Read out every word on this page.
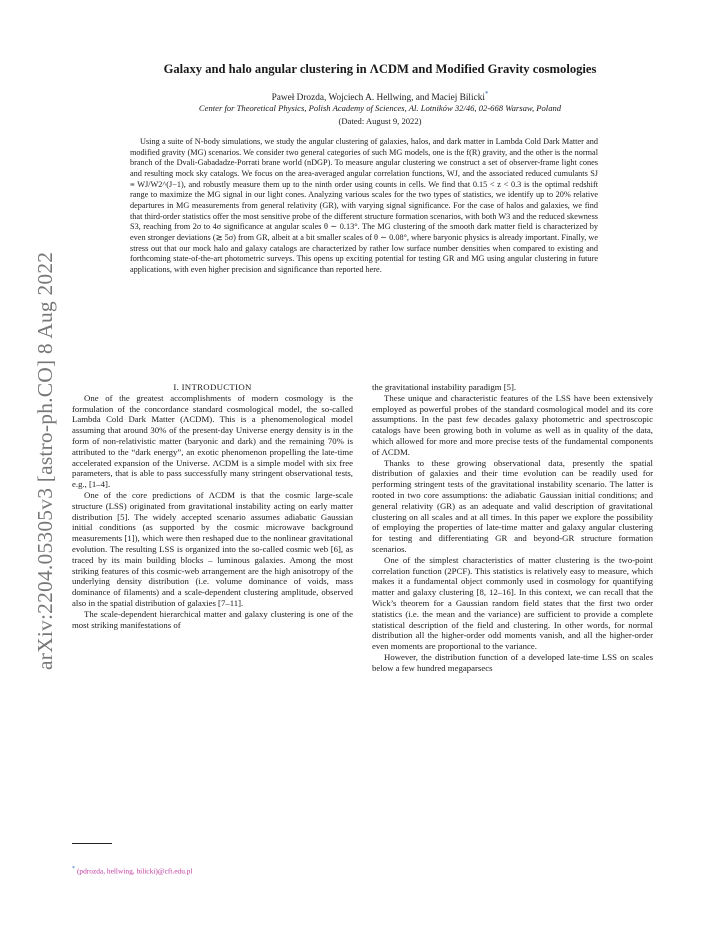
arXiv:2204.05305v3 [astro-ph.CO] 8 Aug 2022
Galaxy and halo angular clustering in ΛCDM and Modified Gravity cosmologies
Paweł Drozda, Wojciech A. Hellwing, and Maciej Bilicki*
Center for Theoretical Physics, Polish Academy of Sciences, Al. Lotników 32/46, 02-668 Warsaw, Poland
(Dated: August 9, 2022)
Using a suite of N-body simulations, we study the angular clustering of galaxies, halos, and dark matter in Lambda Cold Dark Matter and modified gravity (MG) scenarios. We consider two general categories of such MG models, one is the f(R) gravity, and the other is the normal branch of the Dvali-Gabadadze-Porrati brane world (nDGP). To measure angular clustering we construct a set of observer-frame light cones and resulting mock sky catalogs. We focus on the area-averaged angular correlation functions, WJ, and the associated reduced cumulants SJ ≡ WJ/W2^(J−1), and robustly measure them up to the ninth order using counts in cells. We find that 0.15 < z < 0.3 is the optimal redshift range to maximize the MG signal in our light cones. Analyzing various scales for the two types of statistics, we identify up to 20% relative departures in MG measurements from general relativity (GR), with varying signal significance. For the case of halos and galaxies, we find that third-order statistics offer the most sensitive probe of the different structure formation scenarios, with both W3 and the reduced skewness S3, reaching from 2σ to 4σ significance at angular scales θ ∼ 0.13°. The MG clustering of the smooth dark matter field is characterized by even stronger deviations (≳ 5σ) from GR, albeit at a bit smaller scales of θ ∼ 0.08°, where baryonic physics is already important. Finally, we stress out that our mock halo and galaxy catalogs are characterized by rather low surface number densities when compared to existing and forthcoming state-of-the-art photometric surveys. This opens up exciting potential for testing GR and MG using angular clustering in future applications, with even higher precision and significance than reported here.

I. INTRODUCTION

One of the greatest accomplishments of modern cosmology is the formulation of the concordance standard cosmological model, the so-called Lambda Cold Dark Matter (ΛCDM). This is a phenomenological model assuming that around 30% of the present-day Universe energy density is in the form of non-relativistic matter (baryonic and dark) and the remaining 70% is attributed to the “dark energy”, an exotic phenomenon propelling the late-time accelerated expansion of the Universe. ΛCDM is a simple model with six free parameters, that is able to pass successfully many stringent observational tests, e.g., [1–4].

One of the core predictions of ΛCDM is that the cosmic large-scale structure (LSS) originated from gravitational instability acting on early matter distribution [5]. The widely accepted scenario assumes adiabatic Gaussian initial conditions (as supported by the cosmic microwave background measurements [1]), which were then reshaped due to the nonlinear gravitational evolution. The resulting LSS is organized into the so-called cosmic web [6], as traced by its main building blocks – luminous galaxies. Among the most striking features of this cosmic-web arrangement are the high anisotropy of the underlying density distribution (i.e. volume dominance of voids, mass dominance of filaments) and a scale-dependent clustering amplitude, observed also in the spatial distribution of galaxies [7–11].

The scale-dependent hierarchical matter and galaxy clustering is one of the most striking manifestations of

the gravitational instability paradigm [5].

These unique and characteristic features of the LSS have been extensively employed as powerful probes of the standard cosmological model and its core assumptions. In the past few decades galaxy photometric and spectroscopic catalogs have been growing both in volume as well as in quality of the data, which allowed for more and more precise tests of the fundamental components of ΛCDM.

Thanks to these growing observational data, presently the spatial distribution of galaxies and their time evolution can be readily used for performing stringent tests of the gravitational instability scenario. The latter is rooted in two core assumptions: the adiabatic Gaussian initial conditions; and general relativity (GR) as an adequate and valid description of gravitational clustering on all scales and at all times. In this paper we explore the possibility of employing the properties of late-time matter and galaxy angular clustering for testing and differentiating GR and beyond-GR structure formation scenarios.

One of the simplest characteristics of matter clustering is the two-point correlation function (2PCF). This statistics is relatively easy to measure, which makes it a fundamental object commonly used in cosmology for quantifying matter and galaxy clustering [8, 12–16]. In this context, we can recall that the Wick’s theorem for a Gaussian random field states that the first two order statistics (i.e. the mean and the variance) are sufficient to provide a complete statistical description of the field and clustering. In other words, for normal distribution all the higher-order odd moments vanish, and all the higher-order even moments are proportional to the variance.

However, the distribution function of a developed late-time LSS on scales below a few hundred megaparsecs

* (pdrozda, hellwing, bilicki)@cft.edu.pl
